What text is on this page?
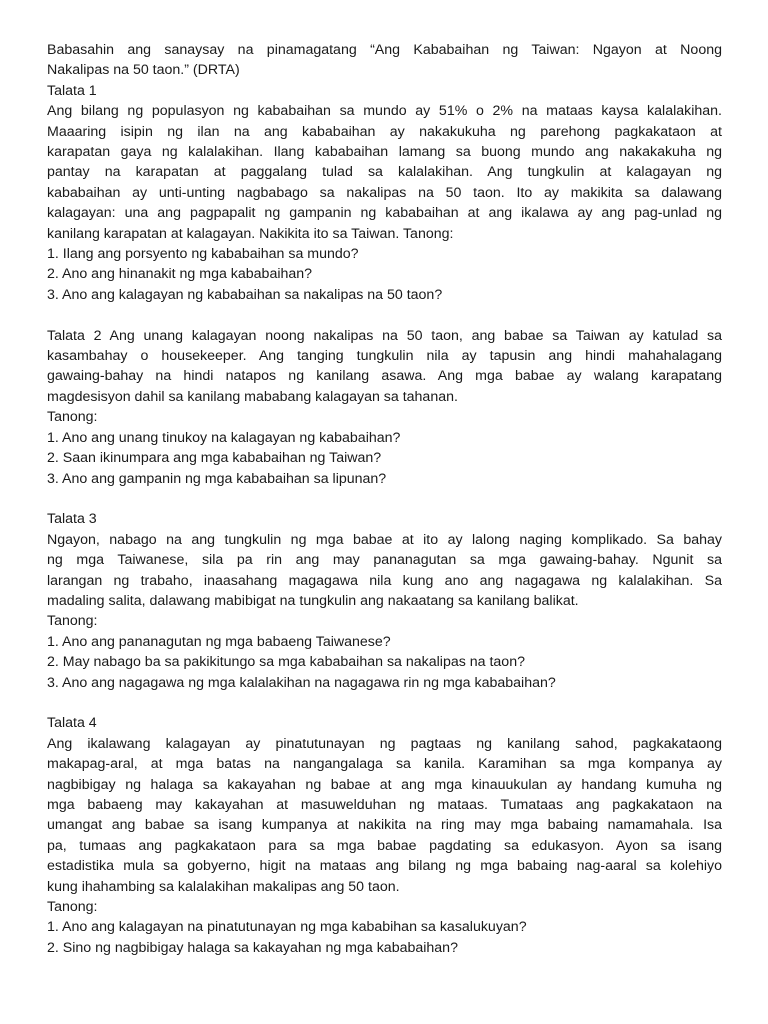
Babasahin ang sanaysay na pinamagatang “Ang Kababaihan ng Taiwan: Ngayon at Noong

Nakalipas na 50 taon.” (DRTA)

Talata 1

Ang bilang ng populasyon ng kababaihan sa mundo ay 51% o 2% na mataas kaysa kalalakihan.

Maaaring isipin ng ilan na ang kababaihan ay nakakukuha ng parehong pagkakataon at

karapatan gaya ng kalalakihan. Ilang kababaihan lamang sa buong mundo ang nakakakuha ng

pantay na karapatan at paggalang tulad sa kalalakihan. Ang tungkulin at kalagayan ng

kababaihan ay unti-unting nagbabago sa nakalipas na 50 taon. Ito ay makikita sa dalawang

kalagayan: una ang pagpapalit ng gampanin ng kababaihan at ang ikalawa ay ang pag-unlad ng

kanilang karapatan at kalagayan. Nakikita ito sa Taiwan. Tanong:

1. Ilang ang porsyento ng kababaihan sa mundo?

2. Ano ang hinanakit ng mga kababaihan?

3. Ano ang kalagayan ng kababaihan sa nakalipas na 50 taon?

Talata 2 Ang unang kalagayan noong nakalipas na 50 taon, ang babae sa Taiwan ay katulad sa

kasambahay o housekeeper. Ang tanging tungkulin nila ay tapusin ang hindi mahahalagang

gawaing-bahay na hindi natapos ng kanilang asawa. Ang mga babae ay walang karapatang

magdesisyon dahil sa kanilang mababang kalagayan sa tahanan.

Tanong:

1. Ano ang unang tinukoy na kalagayan ng kababaihan?

2. Saan ikinumpara ang mga kababaihan ng Taiwan?

3. Ano ang gampanin ng mga kababaihan sa lipunan?

Talata 3

Ngayon, nabago na ang tungkulin ng mga babae at ito ay lalong naging komplikado. Sa bahay

ng mga Taiwanese, sila pa rin ang may pananagutan sa mga gawaing-bahay. Ngunit sa

larangan ng trabaho, inaasahang magagawa nila kung ano ang nagagawa ng kalalakihan. Sa

madaling salita, dalawang mabibigat na tungkulin ang nakaatang sa kanilang balikat.

Tanong:

1. Ano ang pananagutan ng mga babaeng Taiwanese?

2. May nabago ba sa pakikitungo sa mga kababaihan sa nakalipas na taon?

3. Ano ang nagagawa ng mga kalalakihan na nagagawa rin ng mga kababaihan?

Talata 4

Ang ikalawang kalagayan ay pinatutunayan ng pagtaas ng kanilang sahod, pagkakataong

makapag-aral, at mga batas na nangangalaga sa kanila. Karamihan sa mga kompanya ay

nagbibigay ng halaga sa kakayahan ng babae at ang mga kinauukulan ay handang kumuha ng

mga babaeng may kakayahan at masuwelduhan ng mataas. Tumataas ang pagkakataon na

umangat ang babae sa isang kumpanya at nakikita na ring may mga babaing namamahala. Isa

pa, tumaas ang pagkakataon para sa mga babae pagdating sa edukasyon. Ayon sa isang

estadistika mula sa gobyerno, higit na mataas ang bilang ng mga babaing nag-aaral sa kolehiyo

kung ihahambing sa kalalakihan makalipas ang 50 taon.

Tanong:

1. Ano ang kalagayan na pinatutunayan ng mga kababihan sa kasalukuyan?

2. Sino ng nagbibigay halaga sa kakayahan ng mga kababaihan?
